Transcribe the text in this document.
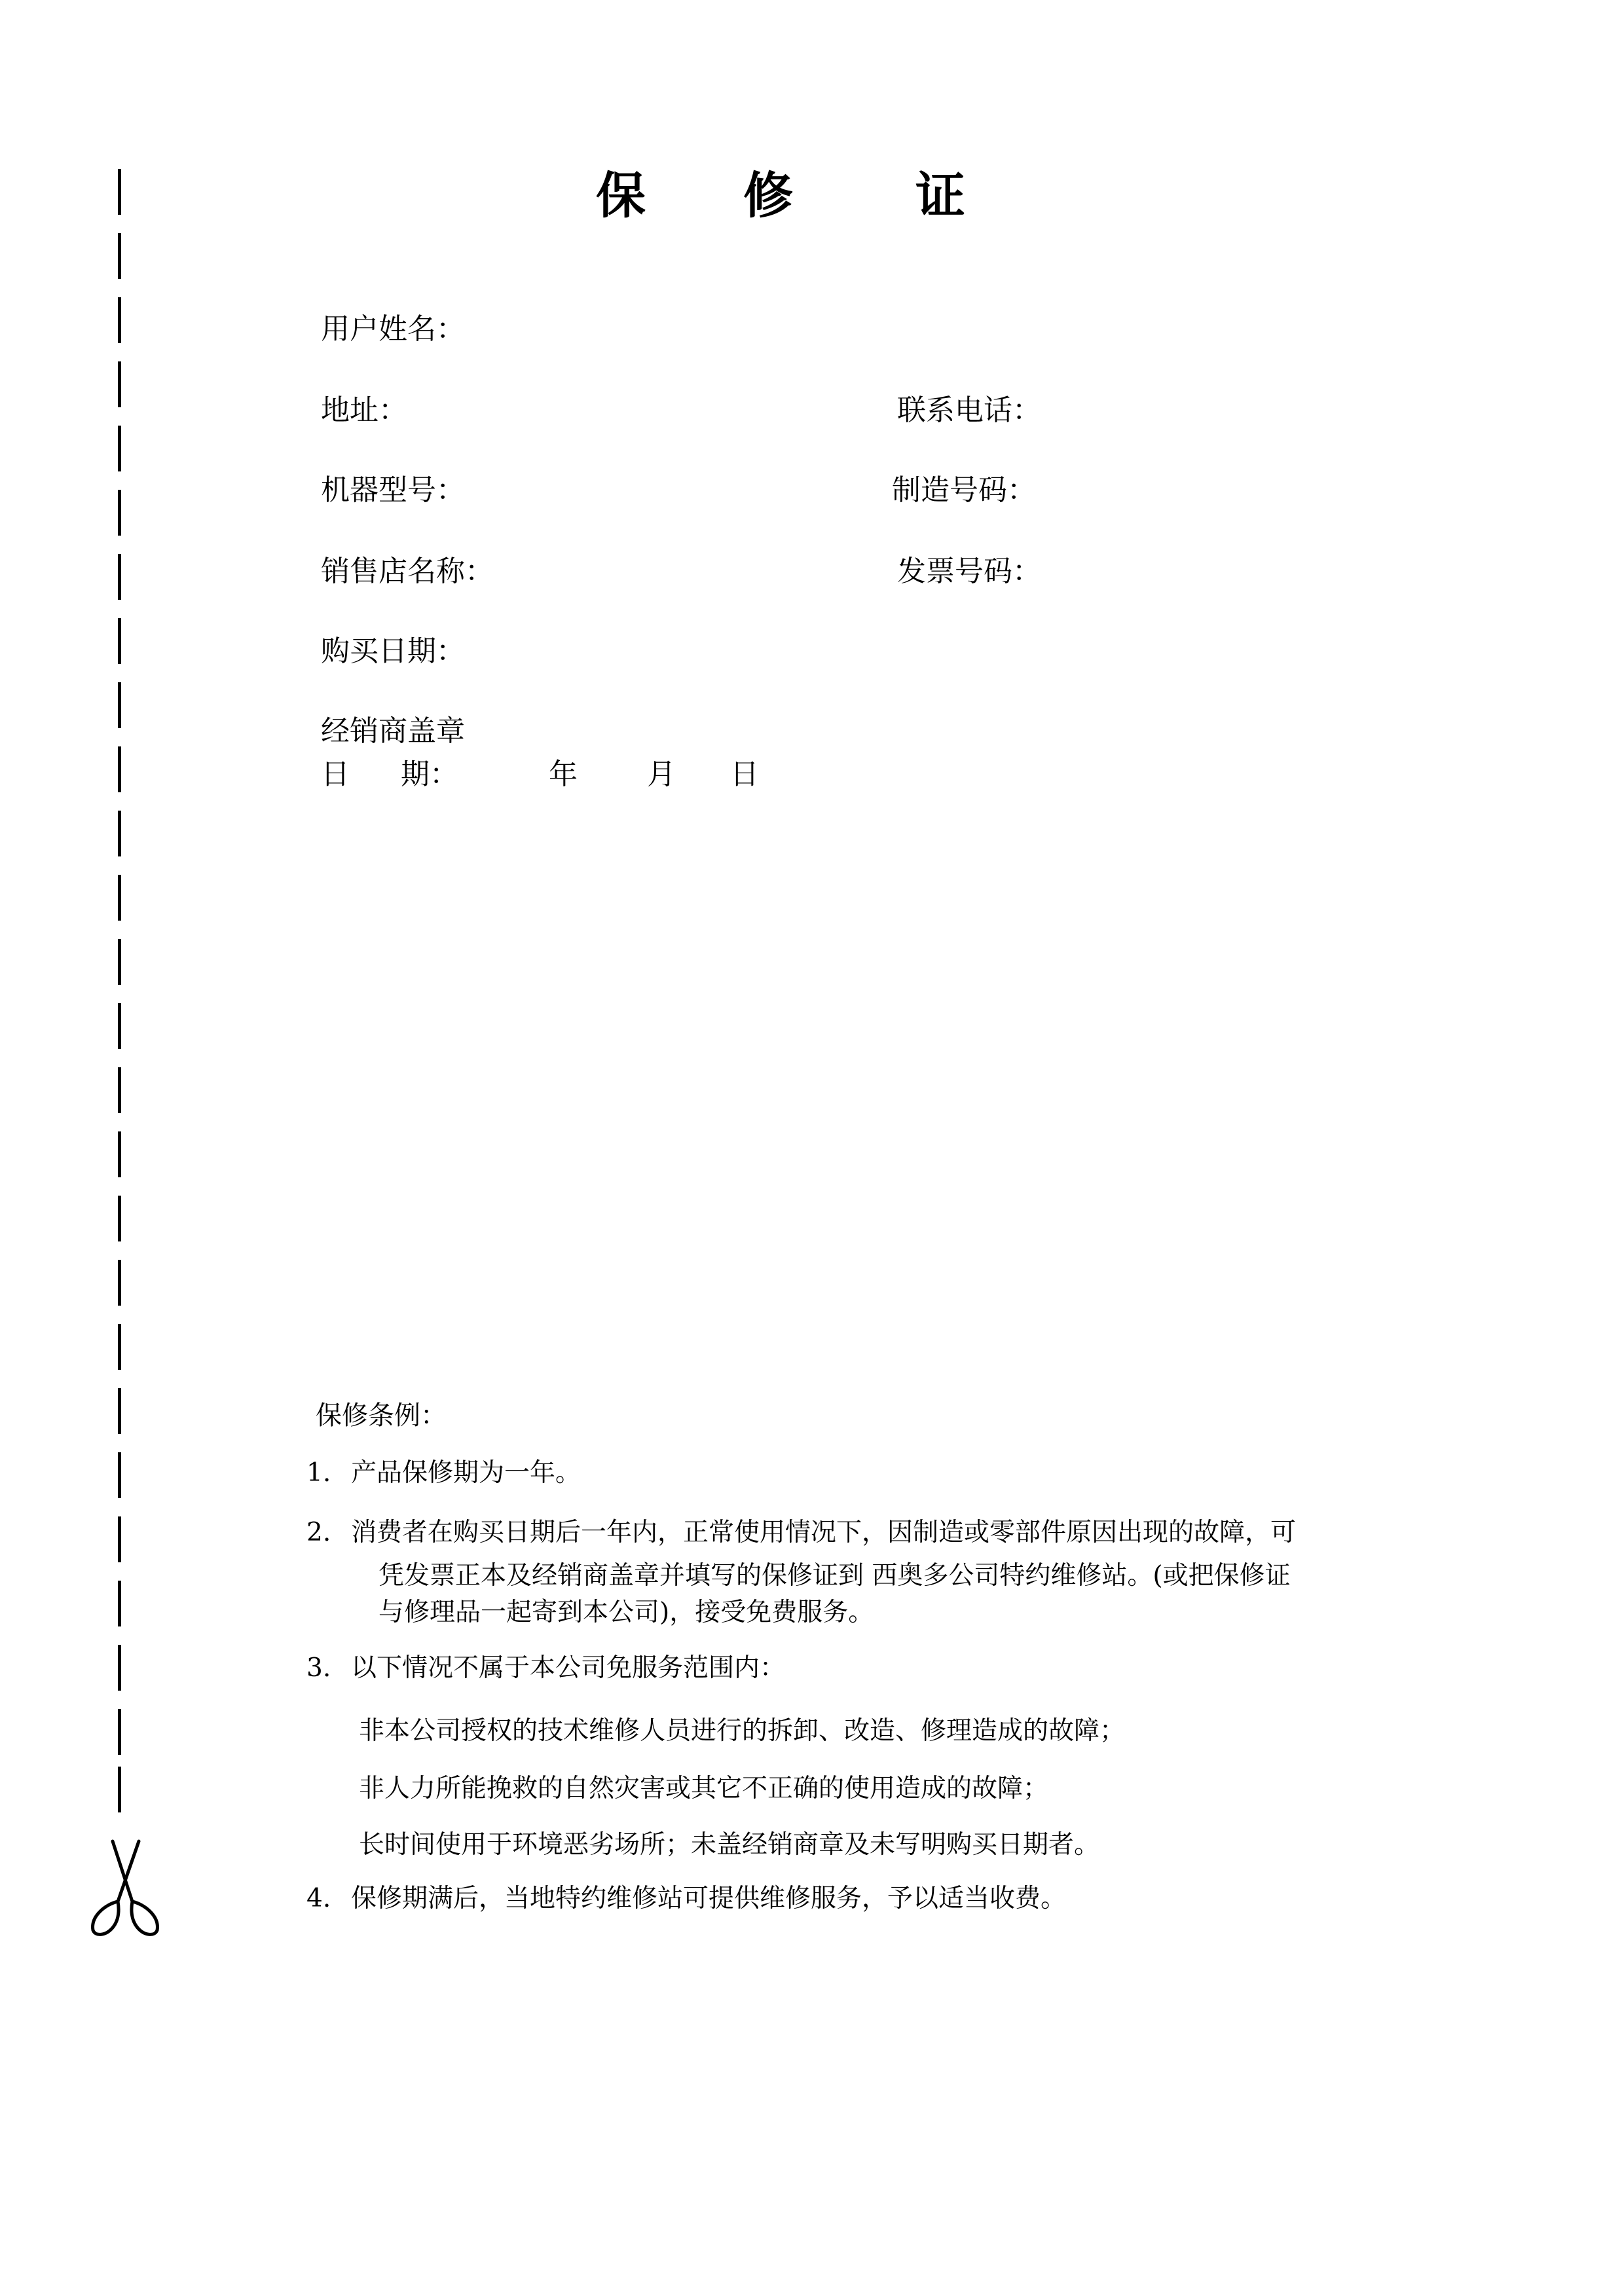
保 修 证
用户姓名：
地址：	联系电话：
机器型号：	制造号码：
销售店名称：	发票号码：
购买日期：
经销商盖章
日 期：	年 月 日
保修条例：
1. 产品保修期为一年。
2. 消费者在购买日期后一年内，正常使用情况下，因制造或零部件原因出现的故障，可
凭发票正本及经销商盖章并填写的保修证到 西奥多公司特约维修站。(或把保修证
与修理品一起寄到本公司)，接受免费服务。
3. 以下情况不属于本公司免服务范围内：
非本公司授权的技术维修人员进行的拆卸、改造、修理造成的故障；
非人力所能挽救的自然灾害或其它不正确的使用造成的故障；
长时间使用于环境恶劣场所；未盖经销商章及未写明购买日期者。
4. 保修期满后，当地特约维修站可提供维修服务，予以适当收费。
